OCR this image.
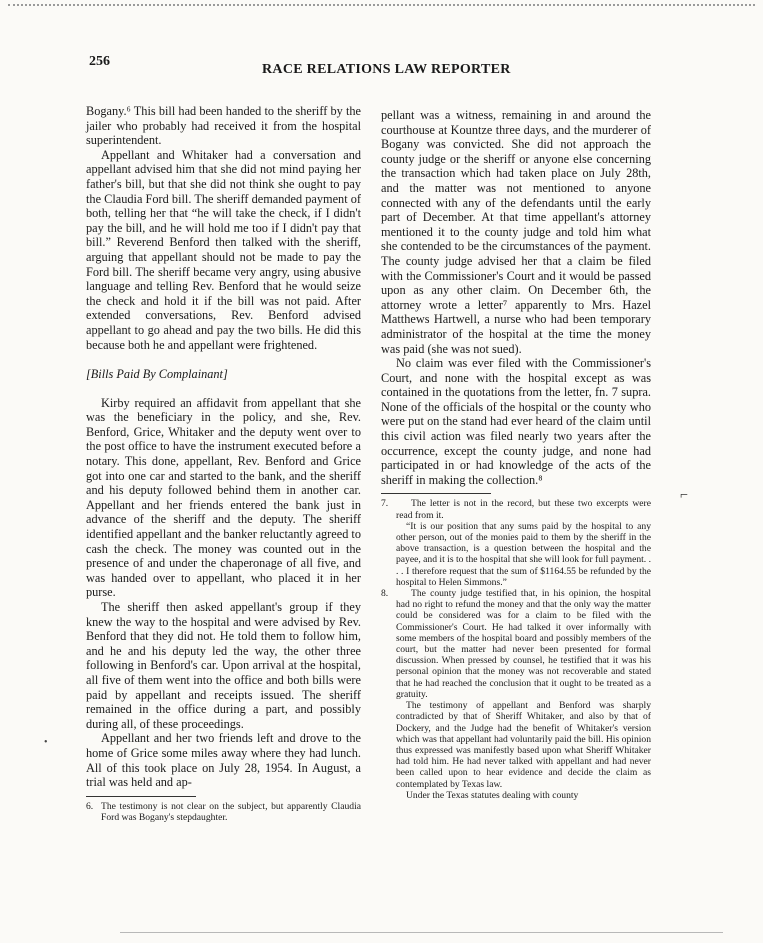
256
RACE RELATIONS LAW REPORTER

Bogany.⁶ This bill had been handed to the sheriff by the jailer who probably had received it from the hospital superintendent.

Appellant and Whitaker had a conversation and appellant advised him that she did not mind paying her father's bill, but that she did not think she ought to pay the Claudia Ford bill. The sheriff demanded payment of both, telling her that “he will take the check, if I didn't pay the bill, and he will hold me too if I didn't pay that bill.” Reverend Benford then talked with the sheriff, arguing that appellant should not be made to pay the Ford bill. The sheriff became very angry, using abusive language and telling Rev. Benford that he would seize the check and hold it if the bill was not paid. After extended conversations, Rev. Benford advised appellant to go ahead and pay the two bills. He did this because both he and appellant were frightened.

[Bills Paid By Complainant]

Kirby required an affidavit from appellant that she was the beneficiary in the policy, and she, Rev. Benford, Grice, Whitaker and the deputy went over to the post office to have the instrument executed before a notary. This done, appellant, Rev. Benford and Grice got into one car and started to the bank, and the sheriff and his deputy followed behind them in another car. Appellant and her friends entered the bank just in advance of the sheriff and the deputy. The sheriff identified appellant and the banker reluctantly agreed to cash the check. The money was counted out in the presence of and under the chaperonage of all five, and was handed over to appellant, who placed it in her purse.

The sheriff then asked appellant's group if they knew the way to the hospital and were advised by Rev. Benford that they did not. He told them to follow him, and he and his deputy led the way, the other three following in Benford's car. Upon arrival at the hospital, all five of them went into the office and both bills were paid by appellant and receipts issued. The sheriff remained in the office during a part, and possibly during all, of these proceedings.

Appellant and her two friends left and drove to the home of Grice some miles away where they had lunch. All of this took place on July 28, 1954. In August, a trial was held and ap-

6. The testimony is not clear on the subject, but apparently Claudia Ford was Bogany's stepdaughter.

pellant was a witness, remaining in and around the courthouse at Kountze three days, and the murderer of Bogany was convicted. She did not approach the county judge or the sheriff or anyone else concerning the transaction which had taken place on July 28th, and the matter was not mentioned to anyone connected with any of the defendants until the early part of December. At that time appellant's attorney mentioned it to the county judge and told him what she contended to be the circumstances of the payment. The county judge advised her that a claim be filed with the Commissioner's Court and it would be passed upon as any other claim. On December 6th, the attorney wrote a letter⁷ apparently to Mrs. Hazel Matthews Hartwell, a nurse who had been temporary administrator of the hospital at the time the money was paid (she was not sued).

No claim was ever filed with the Commissioner's Court, and none with the hospital except as was contained in the quotations from the letter, fn. 7 supra. None of the officials of the hospital or the county who were put on the stand had ever heard of the claim until this civil action was filed nearly two years after the occurrence, except the county judge, and none had participated in or had knowledge of the acts of the sheriff in making the collection.⁸

7.	The letter is not in the record, but these two excerpts were read from it.

“It is our position that any sums paid by the hospital to any other person, out of the monies paid to them by the sheriff in the above transaction, is a question between the hospital and the payee, and it is to the hospital that she will look for full payment. . . . I therefore request that the sum of $1164.55 be refunded by the hospital to Helen Simmons.”

8.	The county judge testified that, in his opinion, the hospital had no right to refund the money and that the only way the matter could be considered was for a claim to be filed with the Commissioner's Court. He had talked it over informally with some members of the hospital board and possibly members of the court, but the matter had never been presented for formal discussion. When pressed by counsel, he testified that it was his personal opinion that the money was not recoverable and stated that he had reached the conclusion that it ought to be treated as a gratuity.

The testimony of appellant and Benford was sharply contradicted by that of Sheriff Whitaker, and also by that of Dockery, and the Judge had the benefit of Whitaker's version which was that appellant had voluntarily paid the bill. His opinion thus expressed was manifestly based upon what Sheriff Whitaker had told him. He had never talked with appellant and had never been called upon to hear evidence and decide the claim as contemplated by Texas law.

Under the Texas statutes dealing with county

⌐
•
